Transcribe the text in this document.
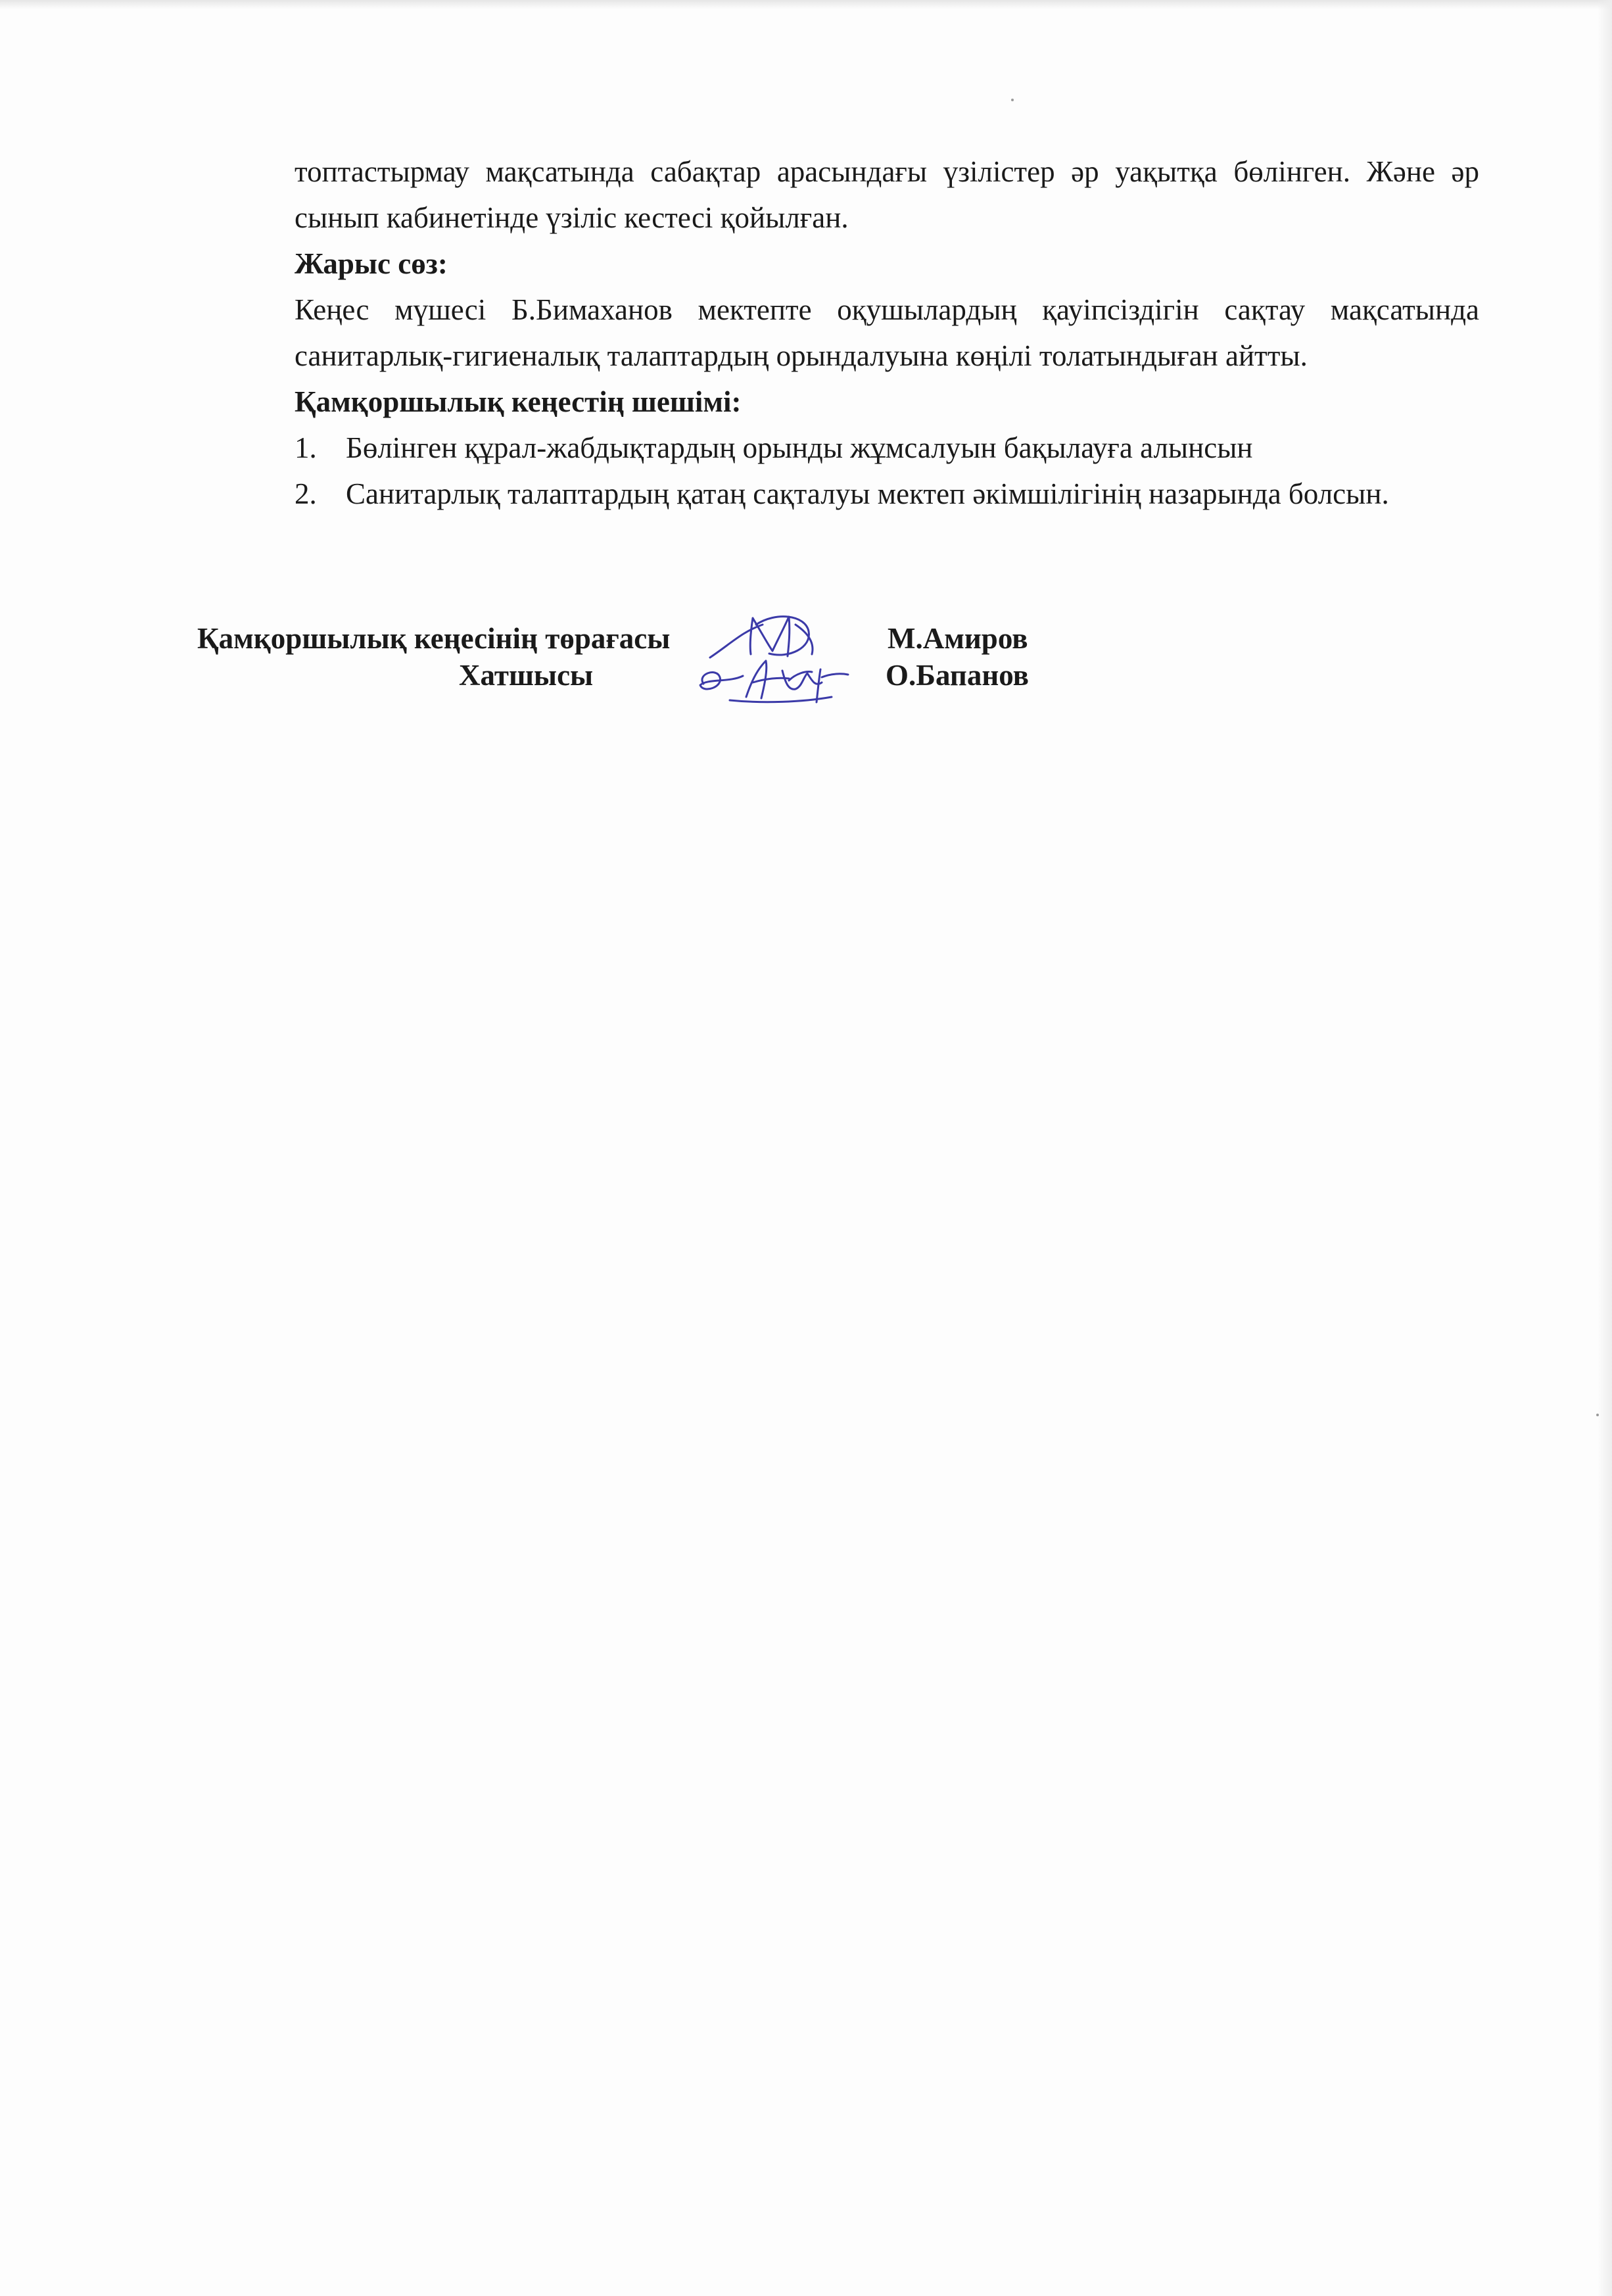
топтастырмау мақсатында сабақтар арасындағы үзілістер әр уақытқа бөлінген. Және әр сынып кабинетінде үзіліс кестесі қойылған.

Жарыс сөз:

Кеңес мүшесі Б.Бимаханов мектепте оқушылардың қауіпсіздігін сақтау мақсатында санитарлық-гигиеналық талаптардың орындалуына көңілі толатындыған айтты.

Қамқоршылық кеңестің шешімі:

1. Бөлінген құрал-жабдықтардың орынды жұмсалуын бақылауға алынсын
2. Санитарлық талаптардың қатаң сақталуы мектеп әкімшілігінің назарында болсын.
Қамқоршылық кеңесінің төрағасы	М.Амиров
Хатшысы	О.Бапанов
